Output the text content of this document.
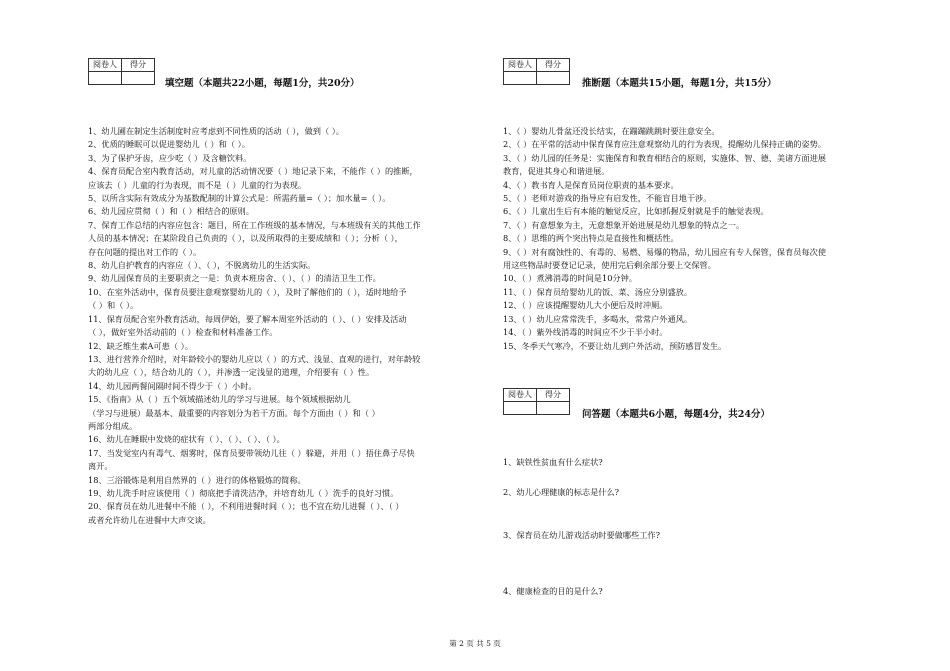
阅卷人	得分

填空题（本题共22小题，每题1分，共20分）

1、幼儿圃在制定生活制度时应考虑到不同性质的活动（ ），做到（ ）。

2、优质的睡眠可以促进婴幼儿（ ）和（ ）。

3、为了保护牙齿，应少吃（ ）及含糖饮料。

4、保育员配合室内教育活动，对儿童的活动情况要（ ）地记录下来，不能作（ ）的推断，

应该去（ ）儿童的行为表现，而不是（ ）儿童的行为表现。

5、以所含实际有效成分为基数配制的计算公式是：所需药量=（ ）；加水量=（ ）。

6、幼儿园应贯彻（ ）和（ ）相结合的原则。

7、保育工作总结的内容应包含：题目，所在工作班级的基本情况，与本班级有关的其他工作

人员的基本情况；在某阶段自己负责的（ ），以及所取得的主要成绩和（ ）；分析（ ），

存在问题的提出对工作的（ ）。

8、幼儿自护教育的内容应（ ）、（ ），不脱离幼儿的生活实际。

9、幼儿园保育员的主要职责之一是：负责本班房舍、（ ）、（ ）的清洁卫生工作。

10、在室外活动中，保育员要注意观察婴幼儿的（ ），及时了解他们的（ ），适时地给予

（ ）和（ ）。

11、保育员配合室外教育活动，每周伊始，要了解本周室外活动的（ ）、（ ）安排及活动

（ ），做好室外活动前的（ ）检查和材料准备工作。

12、缺乏维生素A可患（ ）。

13、进行营养介绍时，对年龄较小的婴幼儿应以（ ）的方式、浅显、直观的进行，对年龄较

大的幼儿应（ ），结合幼儿的（ ），并渗透一定浅显的道理，介绍要有（ ）性。

14、幼儿园两餐间隔时间不得少于（ ）小时。

15、《指南》从（ ）五个领域描述幼儿的学习与进展。每个领域根据幼儿

（学习与进展）最基本、最重要的内容划分为若干方面。每个方面由（ ）和（ ）

两部分组成。

16、幼儿在睡眠中发烧的症状有（ ）、（ ）、（ ）、（ ）。

17、当发觉室内有毒气、烟雾时，保育员要带领幼儿往（ ）躲避，并用（ ）捂住鼻子尽快

离开。

18、三浴锻炼是利用自然界的（ ）进行的体格锻炼的简称。

19、幼儿洗手时应该使用（ ）彻底把手清洗洁净，并培育幼儿（ ）洗手的良好习惯。

20、保育员在幼儿进餐中不能（ ），不利用进餐时间（ ）；也不宜在幼儿进餐（ ）、（ ）

或者允许幼儿在进餐中大声交谈。

阅卷人	得分

推断题（本题共15小题，每题1分，共15分）

1、（ ）婴幼儿骨盆还没长结实，在蹦蹦跳跳时要注意安全。

2、（ ）在平常的活动中保育保育应注意观察幼儿的行为表现，提醒幼儿保持正确的姿势。

3、（ ）幼儿园的任务是：实施保育和教育相结合的原则，实施体、智、德、美诸方面进展

教育，促进其身心和谐进展。

4、（ ）教书育人是保育员岗位职责的基本要求。

5、（ ）老师对游戏的指导应有启发性，不能盲目地干涉。

6、（ ）儿童出生后有本能的触觉反应，比如抓握反射就是手的触觉表现。

7、（ ）有意想象为主，无意想象开始进展是幼儿想象的特点之一。

8、（ ）思维的两个突出特点是直接性和概括性。

9、（ ）对有腐蚀性的、有毒的、易燃、易爆的物品，幼儿园应有专人保管，保育员每次使

用这些物品时要登记记录，使用完后剩余部分要上交保管。

10、（ ）煮沸消毒的时间是10分钟。

11、（ ）保育员给婴幼儿的饭、菜、汤应分别盛放。

12、（ ）应该提醒婴幼儿大小便后及时冲厕。

13、（ ）幼儿应常常洗手，多喝水，常常户外通风。

14、（ ）紫外线消毒的时间应不少于半小时。

15、冬季天气寒冷，不要让幼儿到户外活动，预防感冒发生。

阅卷人	得分

问答题（本题共6小题，每题4分，共24分）

1、缺铁性贫血有什么症状?

2、幼儿心理健康的标志是什么?

3、保育员在幼儿游戏活动时要做哪些工作?

4、健康检查的目的是什么?

第 2 页 共 5 页
